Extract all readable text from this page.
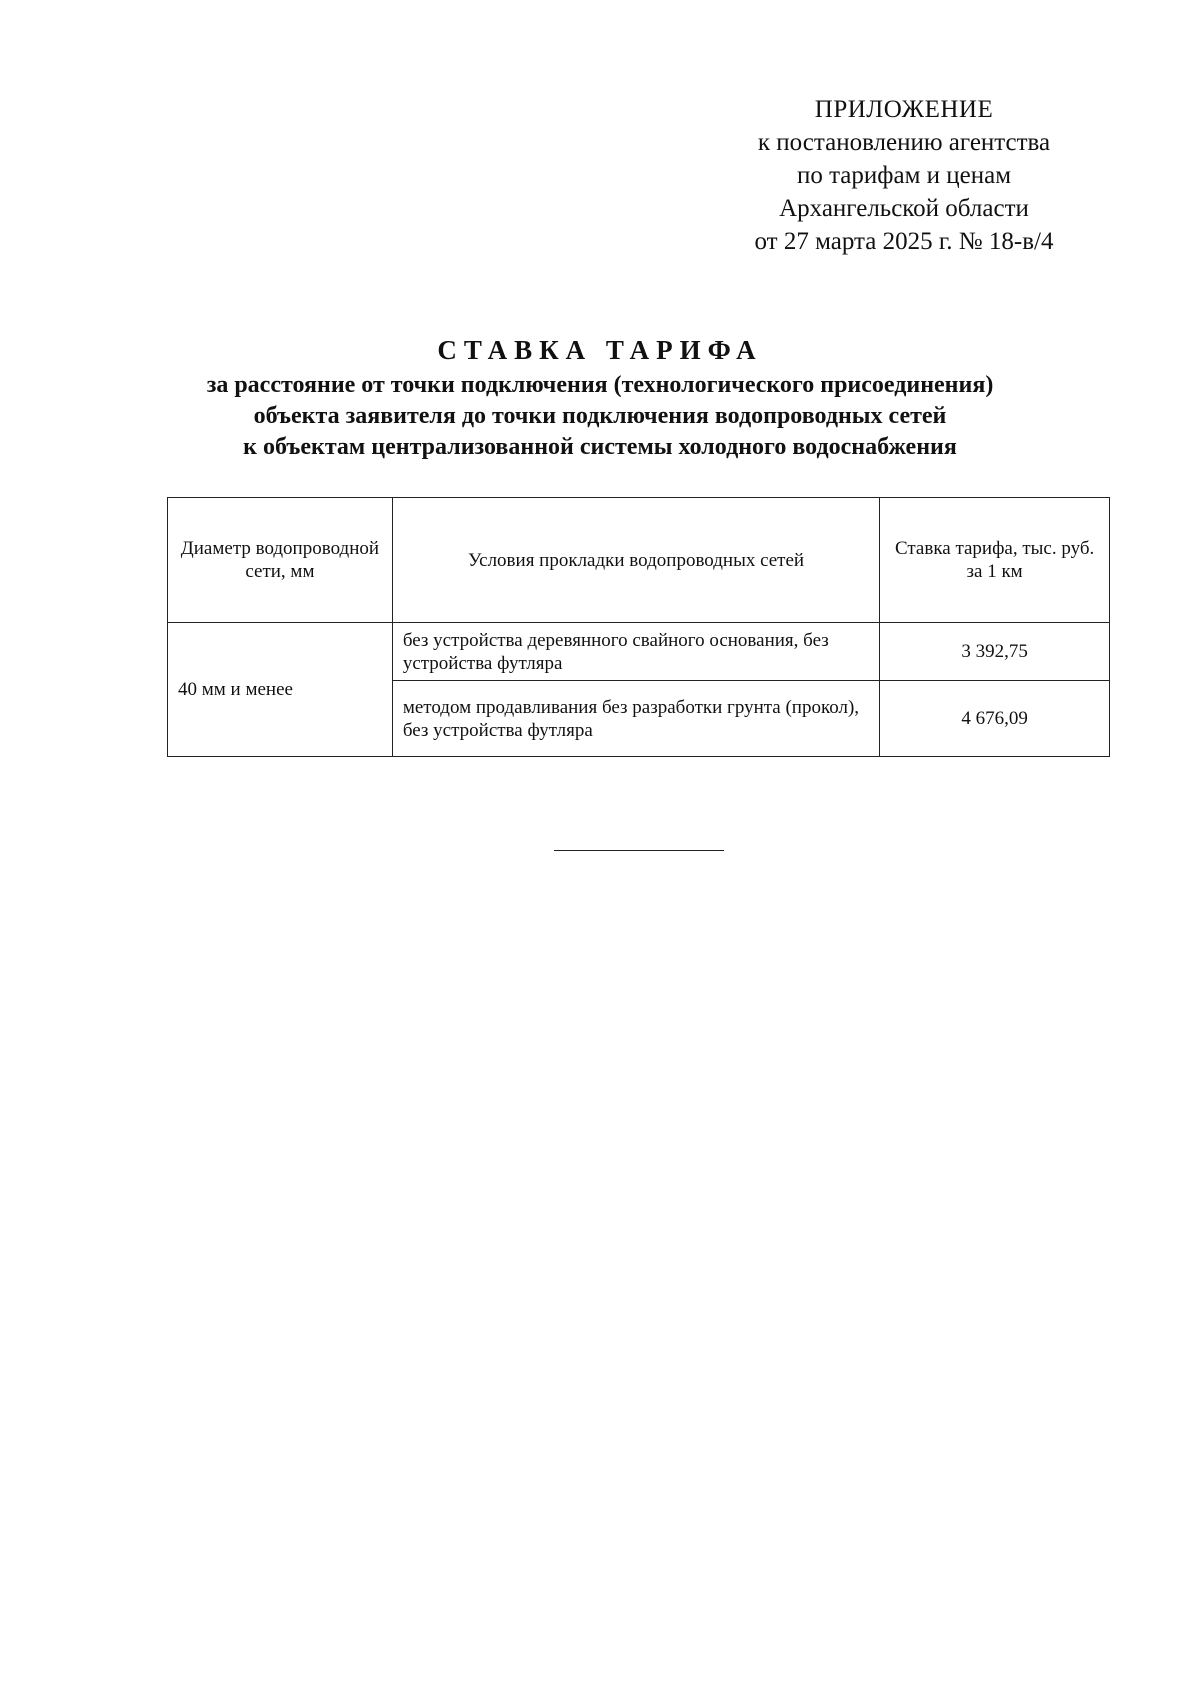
ПРИЛОЖЕНИЕ
к постановлению агентства
по тарифам и ценам
Архангельской области
от 27 марта 2025 г. № 18-в/4
СТАВКА ТАРИФА
за расстояние от точки подключения (технологического присоединения)
объекта заявителя до точки подключения водопроводных сетей
к объектам централизованной системы холодного водоснабжения
Диаметр водопроводной сети, мм	Условия прокладки водопроводных сетей	Ставка тарифа, тыс. руб. за 1 км
40 мм и менее	без устройства деревянного свайного основания, без устройства футляра	3 392,75
	методом продавливания без разработки грунта (прокол), без устройства футляра	4 676,09
